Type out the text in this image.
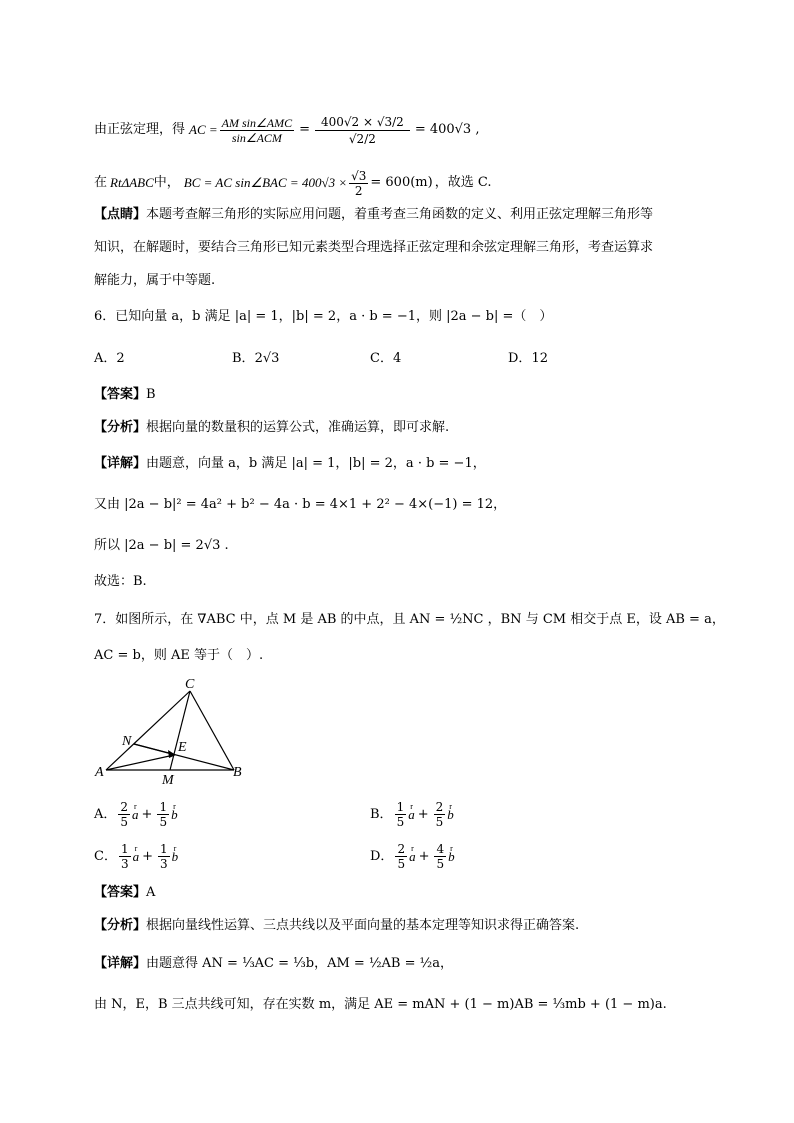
由正弦定理，得 AC = $\frac{\text{AM sin∠AMC}}{\text{sin∠ACM}} = \frac{400√2 \times √3/2}{√2/2} = 400√3$ ,
在 RtΔABC 中， BC = AC sin∠BAC = $400√3 \times \frac{√3}{2} = 600(m)$ ，故选 C.
【点睛】本题考查解三角形的实际应用问题，着重考查三角函数的定义、利用正弦定理解三角形等
知识，在解题时，要结合三角形已知元素类型合理选择正弦定理和余弦定理解三角形，考查运算求
解能力，属于中等题.
6．已知向量 a，b 满足 |a| = 1，|b| = 2，a · b = −1，则 |2a − b| =（　）
A．2	B．2√3	C．4	D．12
【答案】B
【分析】根据向量的数量积的运算公式，准确运算，即可求解.
【详解】由题意，向量 a，b 满足 |a| = 1，|b| = 2，a · b = −1，
又由 |2a − b|² = 4a² + b² − 4a · b = 4×1 + 2² − 4×(−1) = 12，
所以 |2a − b| = 2√3 .
故选：B.
7．如图所示，在 ∇ABC 中，点 M 是 AB 的中点，且 AN = ½NC ，BN 与 CM 相交于点 E，设 AB = a，
AC = b，则 AE 等于（　）.
C
N	E
A
M
B
A． $\frac{2}{5}$ r $a + \frac{1}{5}$ r b	B． $\frac{1}{5}$ r $a + \frac{2}{5}$ r b
C． $\frac{1}{3}$ r $a + \frac{1}{3}$ r b	D． $\frac{2}{5}$ r $a + \frac{4}{5}$ r b
【答案】A
【分析】根据向量线性运算、三点共线以及平面向量的基本定理等知识求得正确答案.
【详解】由题意得 AN = ⅓AC = ⅓b，AM = ½AB = ½a，
由 N，E，B 三点共线可知，存在实数 m，满足 AE = mAN + (1 − m)AB = ⅓mb + (1 − m)a.
